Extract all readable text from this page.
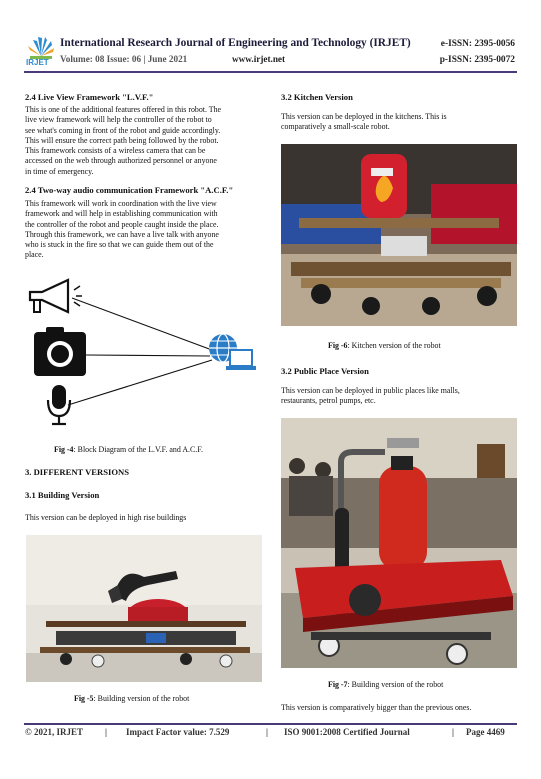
IRJET
International Research Journal of Engineering and Technology (IRJET)
Volume: 08 Issue: 06 | June 2021	www.irjet.net
e-ISSN: 2395-0056
p-ISSN: 2395-0072
2.4 Live View Framework "L.V.F."
This is one of the additional features offered in this robot. The
live view framework will help the controller of the robot to
see what's coming in front of the robot and guide accordingly.
This will ensure the correct path being followed by the robot.
This framework consists of a wireless camera that can be
accessed on the web through authorized personnel or anyone
in time of emergency.
2.4 Two-way audio communication Framework "A.C.F."
This framework will work in coordination with the live view
framework and will help in establishing communication with
the controller of the robot and people caught inside the place.
Through this framework, we can have a live talk with anyone
who is stuck in the fire so that we can guide them out of the
place.
Fig -4: Block Diagram of the L.V.F. and A.C.F.
3. DIFFERENT VERSIONS
3.1 Building Version
This version can be deployed in high rise buildings
Fig -5: Building version of the robot
3.2 Kitchen Version
This version can be deployed in the kitchens. This is
comparatively a small-scale robot.
Fig -6: Kitchen version of the robot
3.2 Public Place Version
This version can be deployed in public places like malls,
restaurants, petrol pumps, etc.
Fig -7: Building version of the robot
This version is comparatively bigger than the previous ones.
© 2021, IRJET | Impact Factor value: 7.529	| ISO 9001:2008 Certified Journal	| Page 4469
